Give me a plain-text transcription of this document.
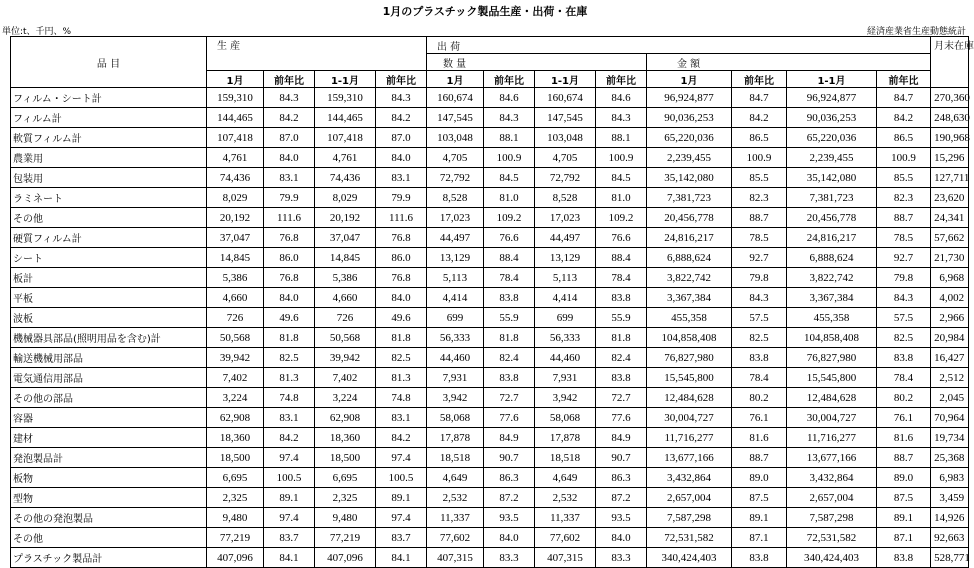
1月のプラスチック製品生産・出荷・在庫
単位:t、千円、%	経済産業省生産動態統計
品 目	生 産				出 荷								月末在庫
					数 量				金 額				
	1月	前年比	1-1月	前年比	1月	前年比	1-1月	前年比	1月	前年比	1-1月	前年比	
フィルム・シート計	159,310	84.3	159,310	84.3	160,674	84.6	160,674	84.6	96,924,877	84.7	96,924,877	84.7	270,360
フィルム計	144,465	84.2	144,465	84.2	147,545	84.3	147,545	84.3	90,036,253	84.2	90,036,253	84.2	248,630
軟質フィルム計	107,418	87.0	107,418	87.0	103,048	88.1	103,048	88.1	65,220,036	86.5	65,220,036	86.5	190,968
農業用	4,761	84.0	4,761	84.0	4,705	100.9	4,705	100.9	2,239,455	100.9	2,239,455	100.9	15,296
包装用	74,436	83.1	74,436	83.1	72,792	84.5	72,792	84.5	35,142,080	85.5	35,142,080	85.5	127,711
ラミネート	8,029	79.9	8,029	79.9	8,528	81.0	8,528	81.0	7,381,723	82.3	7,381,723	82.3	23,620
その他	20,192	111.6	20,192	111.6	17,023	109.2	17,023	109.2	20,456,778	88.7	20,456,778	88.7	24,341
硬質フィルム計	37,047	76.8	37,047	76.8	44,497	76.6	44,497	76.6	24,816,217	78.5	24,816,217	78.5	57,662
シート	14,845	86.0	14,845	86.0	13,129	88.4	13,129	88.4	6,888,624	92.7	6,888,624	92.7	21,730
板計	5,386	76.8	5,386	76.8	5,113	78.4	5,113	78.4	3,822,742	79.8	3,822,742	79.8	6,968
平板	4,660	84.0	4,660	84.0	4,414	83.8	4,414	83.8	3,367,384	84.3	3,367,384	84.3	4,002
波板	726	49.6	726	49.6	699	55.9	699	55.9	455,358	57.5	455,358	57.5	2,966
機械器具部品(照明用品を含む)計	50,568	81.8	50,568	81.8	56,333	81.8	56,333	81.8	104,858,408	82.5	104,858,408	82.5	20,984
輸送機械用部品	39,942	82.5	39,942	82.5	44,460	82.4	44,460	82.4	76,827,980	83.8	76,827,980	83.8	16,427
電気通信用部品	7,402	81.3	7,402	81.3	7,931	83.8	7,931	83.8	15,545,800	78.4	15,545,800	78.4	2,512
その他の部品	3,224	74.8	3,224	74.8	3,942	72.7	3,942	72.7	12,484,628	80.2	12,484,628	80.2	2,045
容器	62,908	83.1	62,908	83.1	58,068	77.6	58,068	77.6	30,004,727	76.1	30,004,727	76.1	70,964
建材	18,360	84.2	18,360	84.2	17,878	84.9	17,878	84.9	11,716,277	81.6	11,716,277	81.6	19,734
発泡製品計	18,500	97.4	18,500	97.4	18,518	90.7	18,518	90.7	13,677,166	88.7	13,677,166	88.7	25,368
板物	6,695	100.5	6,695	100.5	4,649	86.3	4,649	86.3	3,432,864	89.0	3,432,864	89.0	6,983
型物	2,325	89.1	2,325	89.1	2,532	87.2	2,532	87.2	2,657,004	87.5	2,657,004	87.5	3,459
その他の発泡製品	9,480	97.4	9,480	97.4	11,337	93.5	11,337	93.5	7,587,298	89.1	7,587,298	89.1	14,926
その他	77,219	83.7	77,219	83.7	77,602	84.0	77,602	84.0	72,531,582	87.1	72,531,582	87.1	92,663
プラスチック製品計	407,096	84.1	407,096	84.1	407,315	83.3	407,315	83.3	340,424,403	83.8	340,424,403	83.8	528,771
